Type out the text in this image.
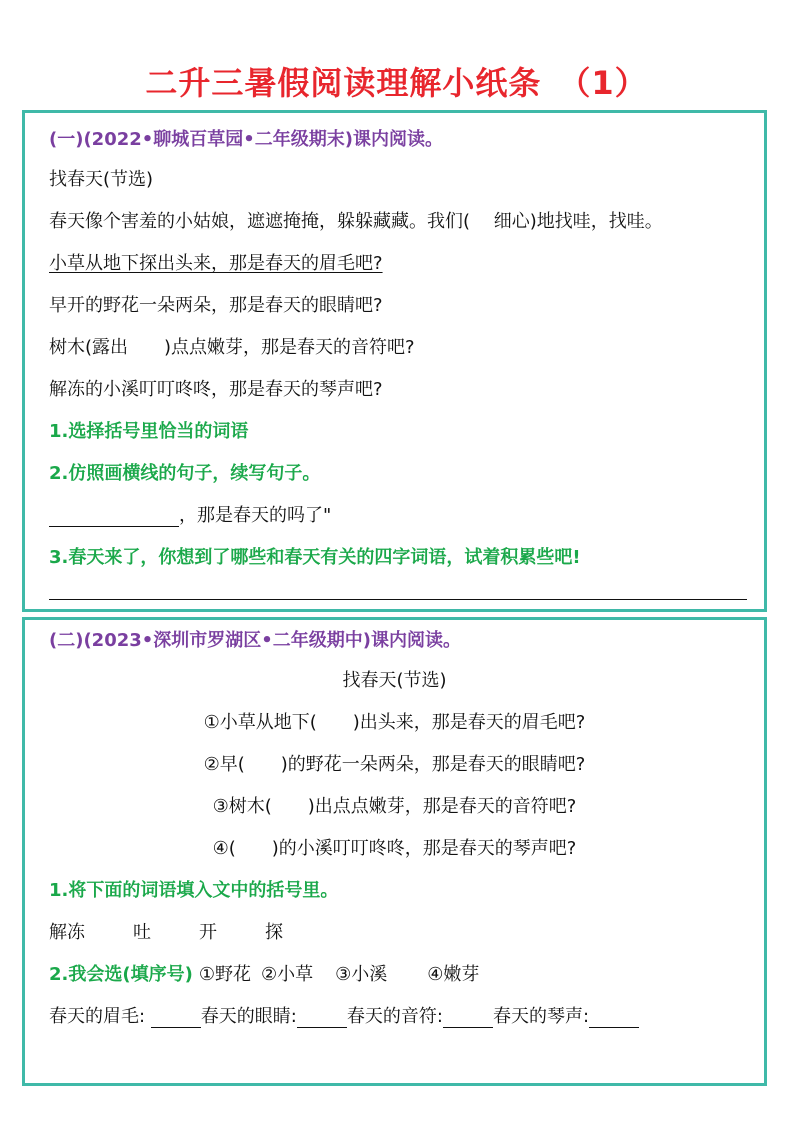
二升三暑假阅读理解小纸条　（1）
(一)(2022•聊城百草园•二年级期末)课内阅读。
找春天(节选)
春天像个害羞的小姑娘，遮遮掩掩，躲躲藏藏。我们(　 细心)地找哇，找哇。
小草从地下探出头来，那是春天的眉毛吧?
早开的野花一朵两朵，那是春天的眼睛吧?
树木(露出　　)点点嫩芽，那是春天的音符吧?
解冻的小溪叮叮咚咚，那是春天的琴声吧?
1.选择括号里恰当的词语
2.仿照画横线的句子，续写句子。
，那是春天的吗了"
3.春天来了，你想到了哪些和春天有关的四字词语，试着积累些吧!
(二)(2023•深圳市罗湖区•二年级期中)课内阅读。
找春天(节选)
①小草从地下(　　)出头来，那是春天的眉毛吧?
②早(　　)的野花一朵两朵，那是春天的眼睛吧?
③树木(　　)出点点嫩芽，那是春天的音符吧?
④(　　)的小溪叮叮咚咚，那是春天的琴声吧?
1.将下面的词语填入文中的括号里。
解冻	吐	开	探
2.我会选(填序号) ①野花 ②小草 ③小溪 ④嫩芽
春天的眉毛:	春天的眼睛:	春天的音符:	春天的琴声:
